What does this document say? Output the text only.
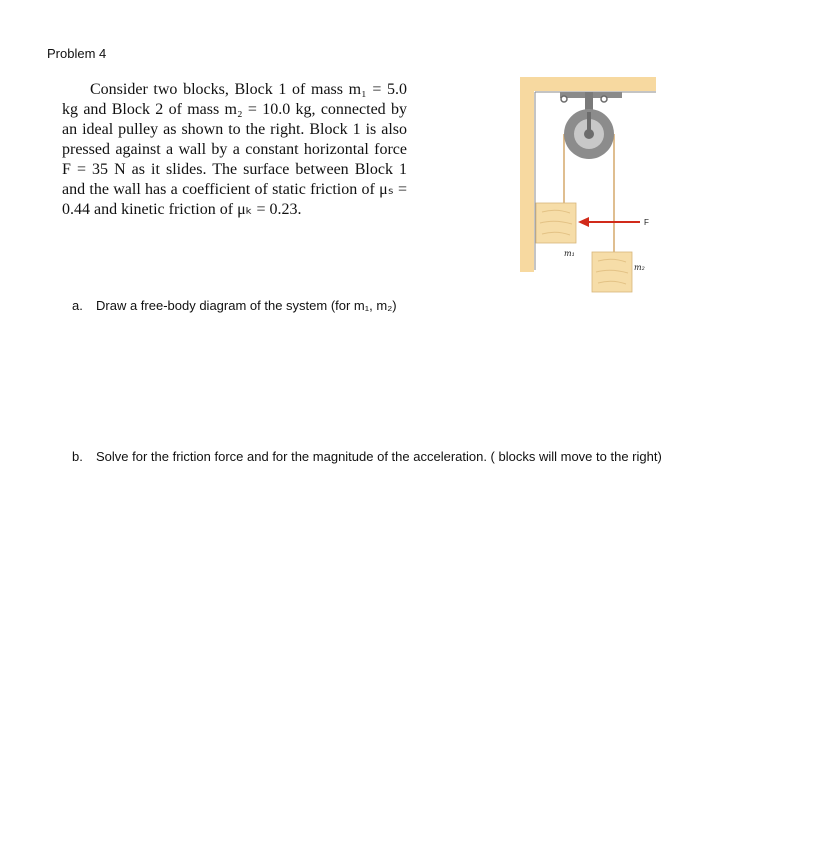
Problem 4

Consider two blocks, Block 1 of mass m₁ = 5.0 kg and Block 2 of mass m₂ = 10.0 kg, connected by an ideal pulley as shown to the right. Block 1 is also pressed against a wall by a constant horizontal force F = 35 N as it slides. The surface between Block 1 and the wall has a coefficient of static friction of μₛ = 0.44 and kinetic friction of μₖ = 0.23.

F
m₁
m₂
a. Draw a free-body diagram of the system (for m₁, m₂)
b. Solve for the friction force and for the magnitude of the acceleration. ( blocks will move to the right)
